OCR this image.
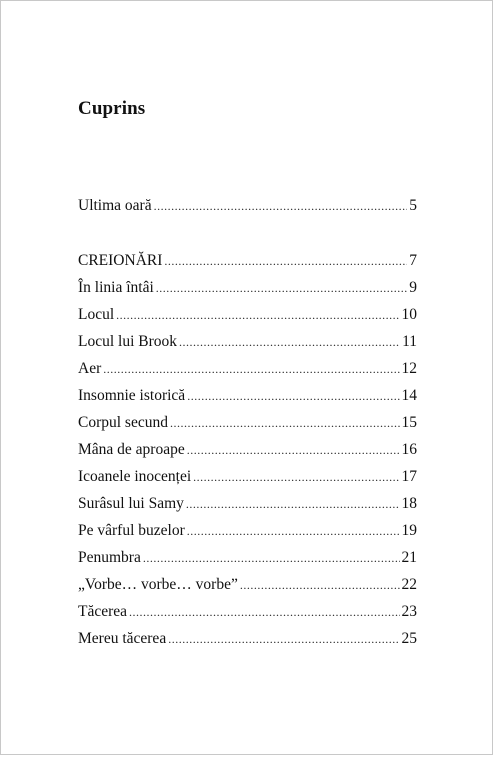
Cuprins
Ultima oară .....	5
CREIONĂRI .....	7
În linia întâi .....	9
Locul .....	10
Locul lui Brook .....	11
Aer .....	12
Insomnie istorică .....	14
Corpul secund .....	15
Mâna de aproape .....	16
Icoanele inocenței .....	17
Surâsul lui Samy .....	18
Pe vârful buzelor .....	19
Penumbra .....	21
„Vorbe… vorbe… vorbe” .....	22
Tăcerea .....	23
Mereu tăcerea .....	25
